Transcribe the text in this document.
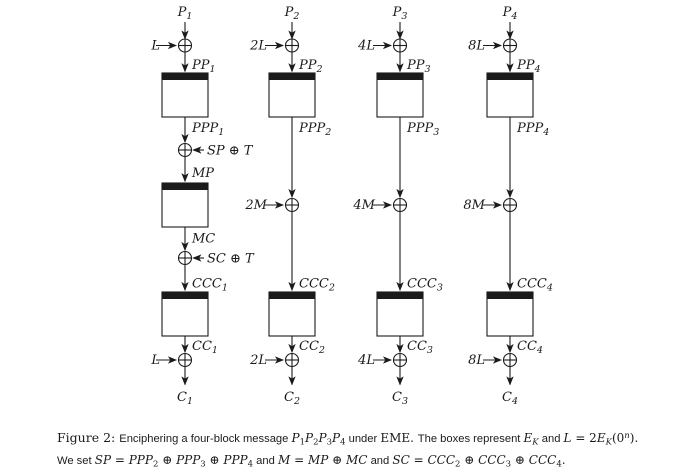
$P_1$
L
$PP_1$
$PPP_1$
SP ⊕ T
MP
MC
SC ⊕ T
$CCC_1$
$CC_1$
L
$C_1$
$P_2$
2L
$PP_2$
$PPP_2$
2M
$CCC_2$
$CC_2$
2L
$C_2$
$P_3$
4L
$PP_3$
$PPP_3$
4M
$CCC_3$
$CC_3$
4L
$C_3$
$P_4$
8L
$PP_4$
$PPP_4$
8M
$CCC_4$
$CC_4$
8L
$C_4$
Figure 2: Enciphering a four-block message P1P2P3P4 under EME. The boxes represent EK and $L = 2EK(0^n)$.
We set SP = PPP2 ⊕ PPP3 ⊕ PPP4 and M = MP ⊕ MC and SC = CCC2 ⊕ CCC3 ⊕ CCC4.
